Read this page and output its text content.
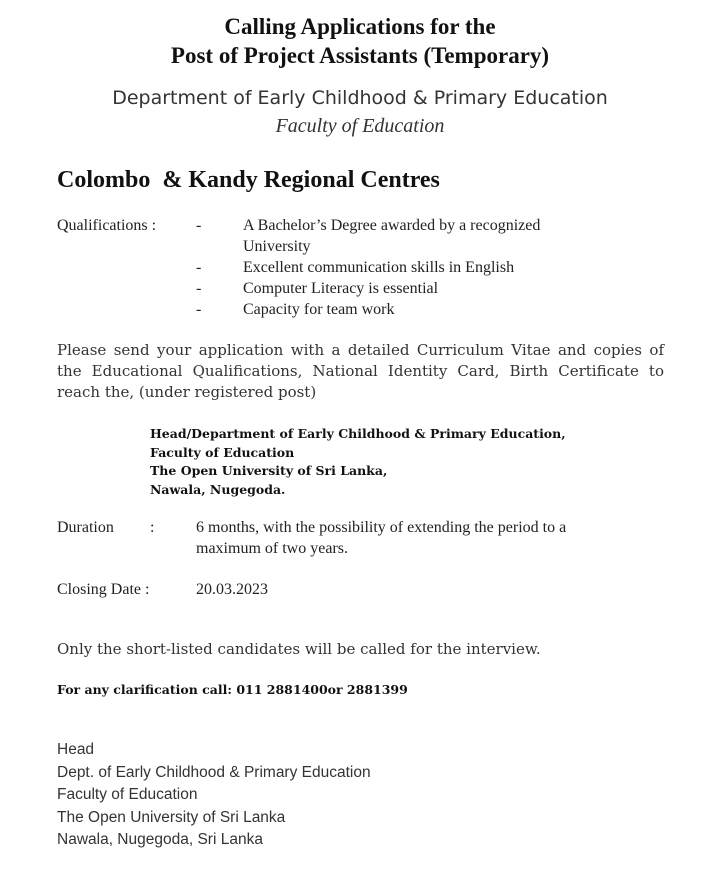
Calling Applications for the
Post of Project Assistants (Temporary)
Department of Early Childhood & Primary Education
Faculty of Education
Colombo  & Kandy Regional Centres
Qualifications : -	A Bachelor’s Degree awarded by a recognized
University
-	Excellent communication skills in English
-	Computer Literacy is essential
-	Capacity for team work
Please send your application with a detailed Curriculum Vitae and copies of the Educational Qualifications, National Identity Card, Birth Certificate to reach the, (under registered post)
Head/Department of Early Childhood & Primary Education,
Faculty of Education
The Open University of Sri Lanka,
Nawala, Nugegoda.
Duration :	6 months, with the possibility of extending the period to a
maximum of two years.
Closing Date :	20.03.2023
Only the short-listed candidates will be called for the interview.
For any clarification call: 011 2881400or 2881399
Head
Dept. of Early Childhood & Primary Education
Faculty of Education
The Open University of Sri Lanka
Nawala, Nugegoda, Sri Lanka
